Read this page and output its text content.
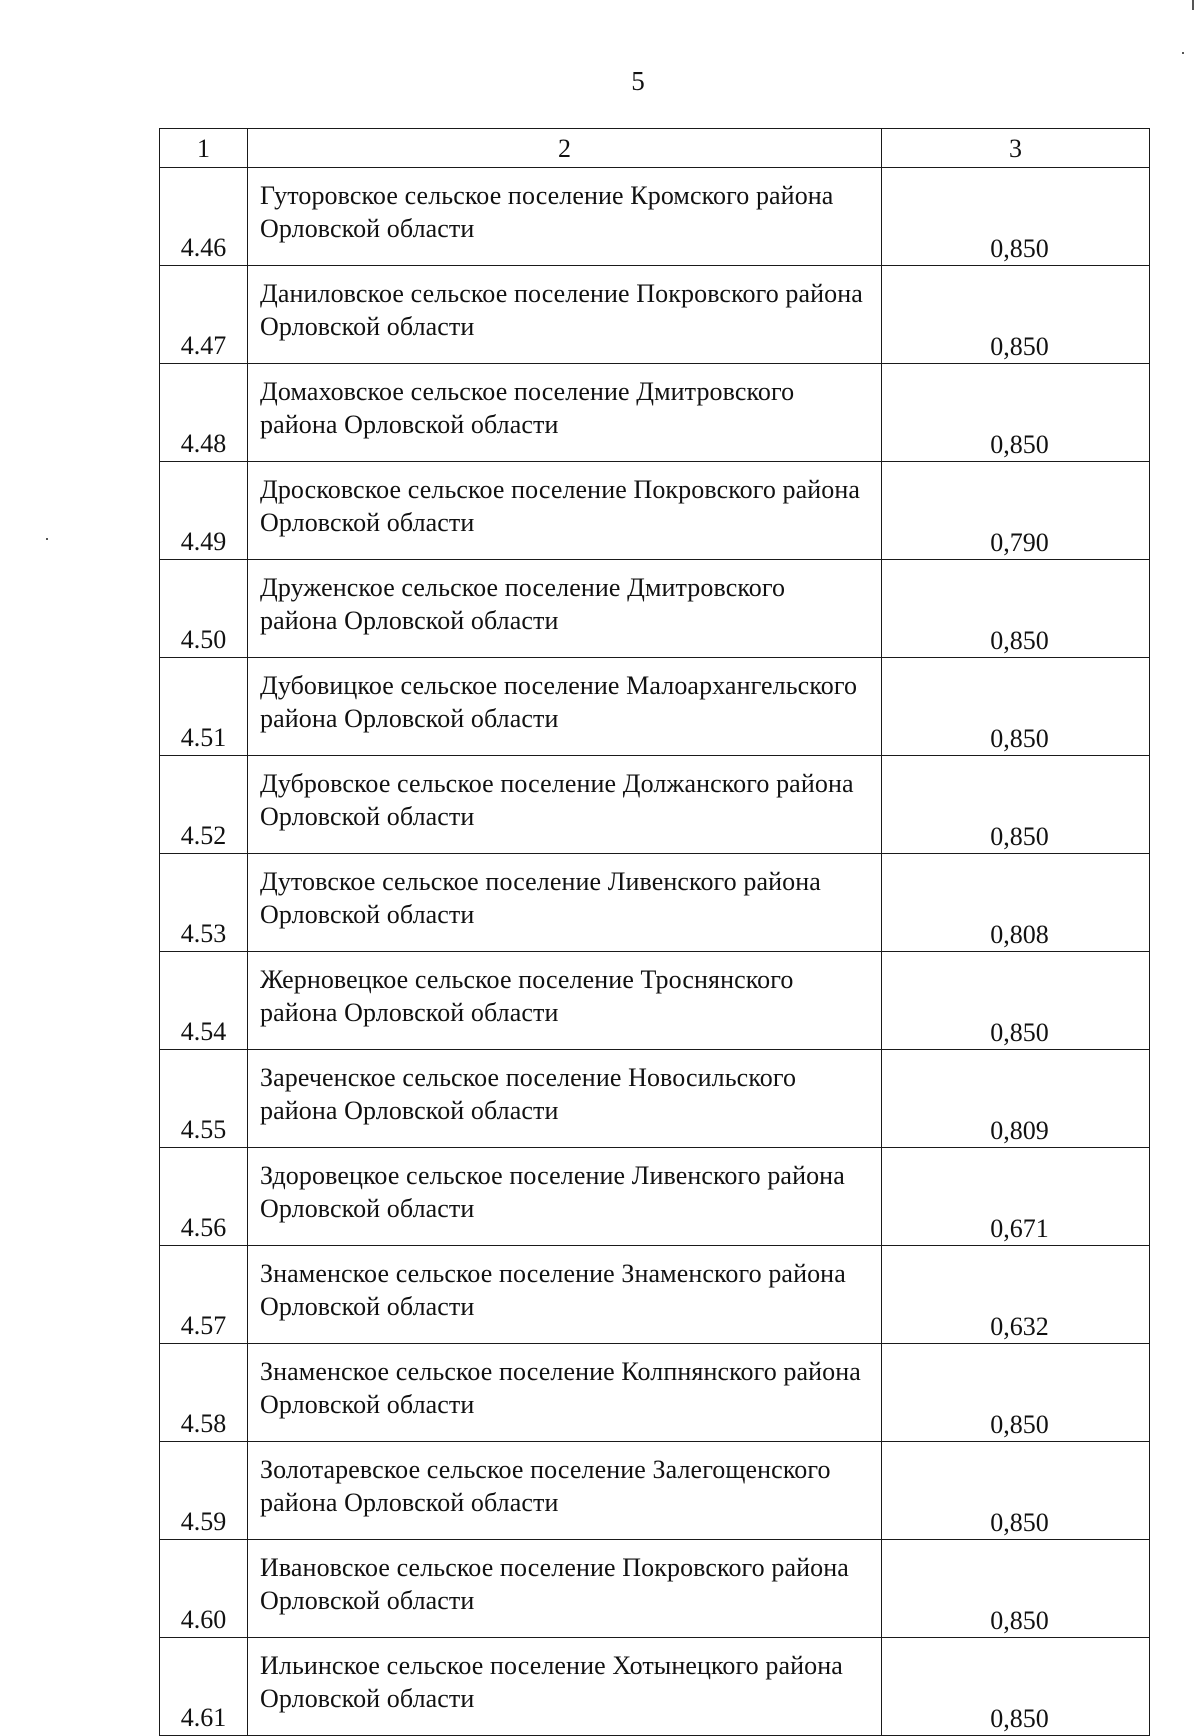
5
1	2	3
4.46	Гуторовское сельское поселение Кромского района Орловской области	0,850
4.47	Даниловское сельское поселение Покровского района Орловской области	0,850
4.48	Домаховское сельское поселение Дмитровского района Орловской области	0,850
4.49	Дросковское сельское поселение Покровского района Орловской области	0,790
4.50	Друженское сельское поселение Дмитровского района Орловской области	0,850
4.51	Дубовицкое сельское поселение Малоархангельского района Орловской области	0,850
4.52	Дубровское сельское поселение Должанского района Орловской области	0,850
4.53	Дутовское сельское поселение Ливенского района Орловской области	0,808
4.54	Жерновецкое сельское поселение Троснянского района Орловской области	0,850
4.55	Зареченское сельское поселение Новосильского района Орловской области	0,809
4.56	Здоровецкое сельское поселение Ливенского района Орловской области	0,671
4.57	Знаменское сельское поселение Знаменского района Орловской области	0,632
4.58	Знаменское сельское поселение Колпнянского района Орловской области	0,850
4.59	Золотаревское сельское поселение Залегощенского района Орловской области	0,850
4.60	Ивановское сельское поселение Покровского района Орловской области	0,850
4.61	Ильинское сельское поселение Хотынецкого района Орловской области	0,850
